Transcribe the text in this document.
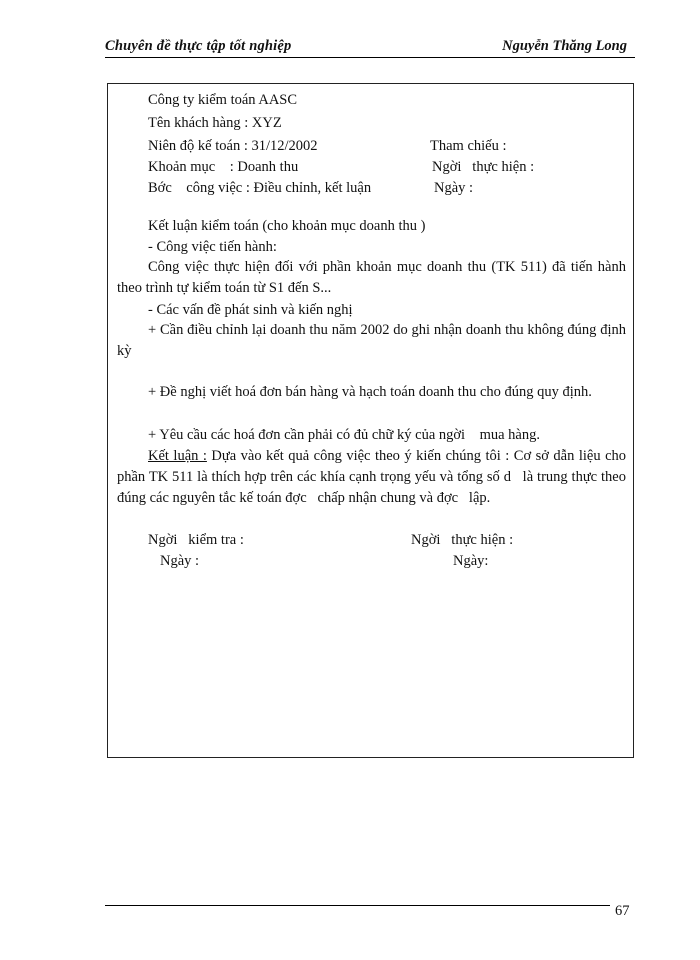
Chuyên đề thực tập tốt nghiệp	Nguyễn Thăng Long
Công ty kiểm toán AASC
Tên khách hàng : XYZ
Niên độ kế toán : 31/12/2002	Tham chiếu :
Khoản mục    : Doanh thu	Ngời   thực hiện :
Bớc    công việc : Điều chỉnh, kết luận	Ngày :
Kết luận kiểm toán (cho khoản mục doanh thu )
- Công việc tiến hành:
Công việc thực hiện đối với phần khoản mục doanh thu (TK 511) đã tiến hành theo trình tự kiểm toán từ S1 đến S...
- Các vấn đề phát sinh và kiến nghị
+ Cần điều chỉnh lại doanh thu năm 2002 do ghi nhận doanh thu không đúng định kỳ
+ Đề nghị viết hoá đơn bán hàng và hạch toán doanh thu cho đúng quy định.
+ Yêu cầu các hoá đơn cần phải có đủ chữ ký của ngời    mua hàng.
Kết luận : Dựa vào kết quả công việc theo ý kiến chúng tôi : Cơ sở dẫn liệu cho phần TK 511 là thích hợp trên các khía cạnh trọng yếu và tổng số d   là trung thực theo đúng các nguyên tắc kế toán đợc   chấp nhận chung và đợc   lập.
Ngời   kiểm tra :
Ngày :
Ngời   thực hiện :
Ngày:
67
